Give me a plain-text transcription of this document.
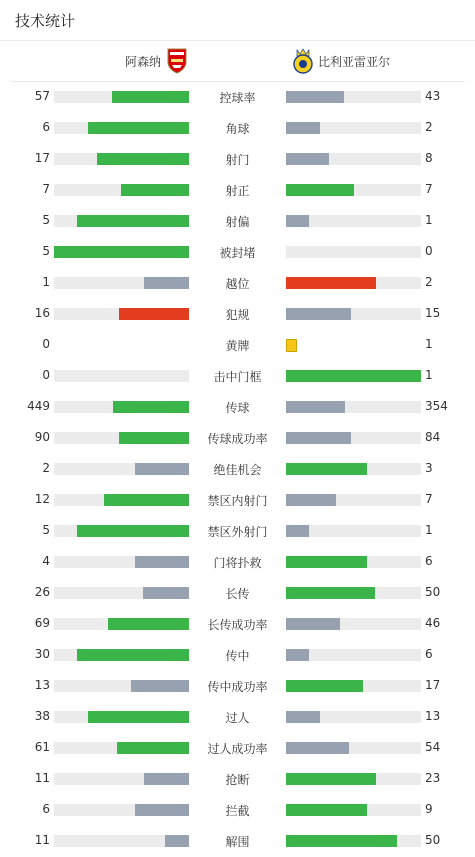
技术统计
阿森纳	比利亚雷亚尔
57	控球率	43
6	角球	2
17	射门	8
7	射正	7
5	射偏	1
5	被封堵	0
1	越位	2
16	犯规	15
0	黄牌	1
0	击中门框	1
449	传球	354
90	传球成功率	84
2	绝佳机会	3
12	禁区内射门	7
5	禁区外射门	1
4	门将扑救	6
26	长传	50
69	长传成功率	46
30	传中	6
13	传中成功率	17
38	过人	13
61	过人成功率	54
11	抢断	23
6	拦截	9
11	解围	50
